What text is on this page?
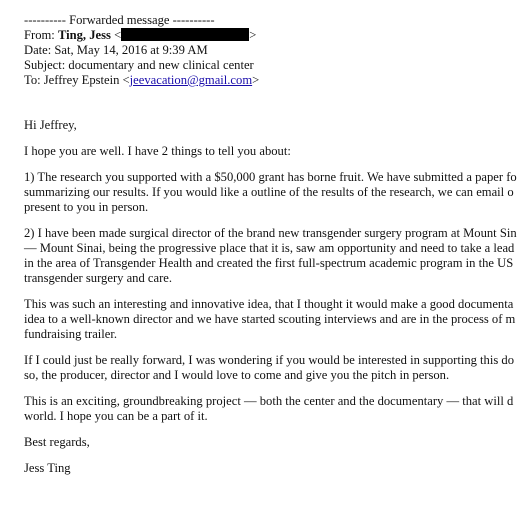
---------- Forwarded message ----------
From: Ting, Jess <	>
Date: Sat, May 14, 2016 at 9:39 AM
Subject: documentary and new clinical center
To: Jeffrey Epstein <jeevacation@gmail.com>

Hi Jeffrey,

I hope you are well. I have 2 things to tell you about:

1) The research you supported with a $50,000 grant has borne fruit. We have submitted a paper fo
summarizing our results. If you would like a outline of the results of the research, we can email o
present to you in person.

2) I have been made surgical director of the brand new transgender surgery program at Mount Sin
— Mount Sinai, being the progressive place that it is, saw am opportunity and need to take a lead
in the area of Transgender Health and created the first full-spectrum academic program in the US
transgender surgery and care.

This was such an interesting and innovative idea, that I thought it would make a good documenta
idea to a well-known director and we have started scouting interviews and are in the process of m
fundraising trailer.

If I could just be really forward, I was wondering if you would be interested in supporting this do
so, the producer, director and I would love to come and give you the pitch in person.

This is an exciting, groundbreaking project — both the center and the documentary — that will d
world. I hope you can be a part of it.

Best regards,

Jess Ting
